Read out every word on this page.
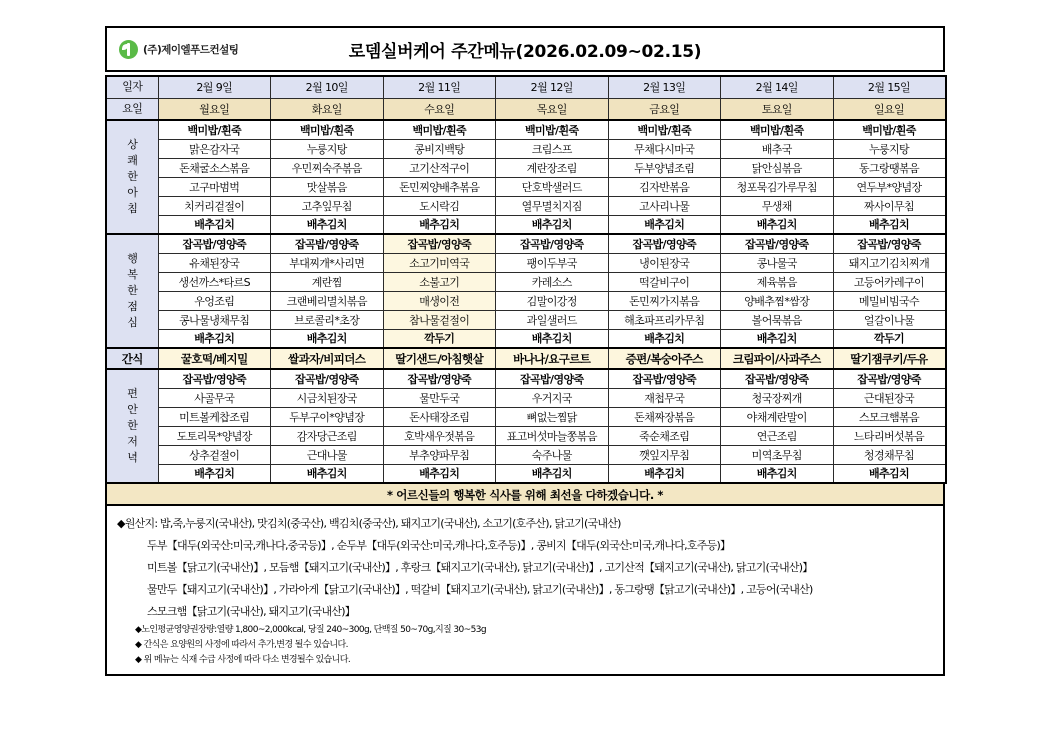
(주)제이엘푸드컨설팅	로뎀실버케어 주간메뉴(2026.02.09~02.15)
일자	2월 9일	2월 10일	2월 11일	2월 12일	2월 13일	2월 14일	2월 15일
요일	월요일	화요일	수요일	목요일	금요일	토요일	일요일

상
쾌
한
아
침	백미밥/흰죽	백미밥/흰죽	백미밥/흰죽	백미밥/흰죽	백미밥/흰죽	백미밥/흰죽	백미밥/흰죽
	맑은감자국	누룽지탕	콩비지백탕	크림스프	무채다시마국	배추국	누룽지탕
	돈채굴소스볶음	우민찌숙주볶음	고기산적구이	계란장조림	두부양념조림	닭안심볶음	동그랑땡볶음
	고구마범벅	맛살볶음	돈민찌양배추볶음	단호박샐러드	김자반볶음	청포묵김가루무침	연두부*양념장
	치커리겉절이	고추잎무침	도시락김	열무멸치지짐	고사리나물	무생채	짜사이무침
	배추김치	배추김치	배추김치	배추김치	배추김치	배추김치	배추김치

행
복
한
점
심	잡곡밥/영양죽	잡곡밥/영양죽	잡곡밥/영양죽	잡곡밥/영양죽	잡곡밥/영양죽	잡곡밥/영양죽	잡곡밥/영양죽
	유채된장국	부대찌개*사리면	소고기미역국	팽이두부국	냉이된장국	콩나물국	돼지고기김치찌개
	생선까스*타르S	계란찜	소불고기	카레소스	떡갈비구이	제육볶음	고등어카레구이
	우엉조림	크랜베리멸치볶음	매생이전	김말이강정	돈민찌가지볶음	양배추찜*쌈장	메밀비빔국수
	콩나물냉채무침	브로콜리*초장	참나물겉절이	과일샐러드	해초파프리카무침	볼어묵볶음	얼갈이나물
	배추김치	배추김치	깍두기	배추김치	배추김치	배추김치	깍두기
간식	꿀호떡/베지밀	쌀과자/비피더스	딸기샌드/아침햇살	바나나/요구르트	증편/복숭아주스	크림파이/사과주스	딸기잼쿠키/두유

편
안
한
저
녁	잡곡밥/영양죽	잡곡밥/영양죽	잡곡밥/영양죽	잡곡밥/영양죽	잡곡밥/영양죽	잡곡밥/영양죽	잡곡밥/영양죽
	사골무국	시금치된장국	물만두국	우거지국	재첩무국	청국장찌개	근대된장국
	미트볼케찹조림	두부구이*양념장	돈사태장조림	뼈없는찜닭	돈채짜장볶음	야채계란말이	스모크햄볶음
	도토리묵*양념장	감자당근조림	호박새우젓볶음	표고버섯마늘쫑볶음	죽순채조림	연근조림	느타리버섯볶음
	상추겉절이	근대나물	부추양파무침	숙주나물	깻잎지무침	미역초무침	청경채무침
	배추김치	배추김치	배추김치	배추김치	배추김치	배추김치	배추김치
* 어르신들의 행복한 식사를 위해 최선을 다하겠습니다. *
◆원산지: 밥,죽,누룽지(국내산), 맛김치(중국산), 백김치(중국산), 돼지고기(국내산), 소고기(호주산), 닭고기(국내산)
두부【대두(외국산:미국,캐나다,중국등)】, 순두부【대두(외국산:미국,캐나다,호주등)】, 콩비지【대두(외국산:미국,캐나다,호주등)】
미트볼【닭고기(국내산)】, 모듬햄【돼지고기(국내산)】, 후랑크【돼지고기(국내산), 닭고기(국내산)】, 고기산적【돼지고기(국내산), 닭고기(국내산)】
물만두【돼지고기(국내산)】, 가라아게【닭고기(국내산)】, 떡갈비【돼지고기(국내산), 닭고기(국내산)】, 동그랑땡【닭고기(국내산)】, 고등어(국내산)
스모크햄【닭고기(국내산), 돼지고기(국내산)】
◆노인평균영양권장량:열량 1,800~2,000kcal, 당질 240~300g, 단백질 50~70g,지질 30~53g
◆ 간식은 요양원의 사정에 따라서 추가,변경 될수 있습니다.
◆ 위 메뉴는 식재 수급 사정에 따라 다소 변경될수 있습니다.
